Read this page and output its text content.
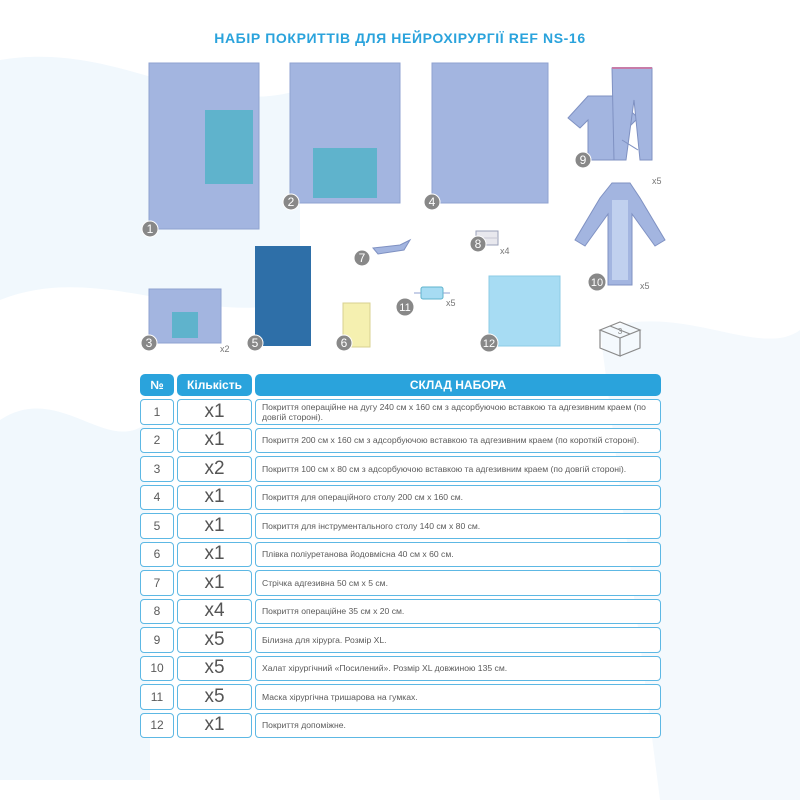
НАБІР ПОКРИТТІВ ДЛЯ НЕЙРОХІРУРГІЇ REF NS-16
3
1
2
3
4
5	6
7
8
9
10
11
12
x2
x4
x5
x5
x5
№	Кількість	СКЛАД НАБОРА
1	x1	Покриття операційне на дугу 240 см х 160 см з адсорбуючою вставкою та адгезивним краем (по довгій стороні).
2	x1	Покриття 200 см х 160 см з адсорбуючою вставкою та адгезивним краем (по короткій стороні).
3	x2	Покриття 100 см х 80 см з адсорбуючою вставкою та адгезивним краем (по довгій стороні).
4	x1	Покриття для операційного столу 200 см х 160 см.
5	x1	Покриття для інструментального столу 140 см х 80 см.
6	x1	Плівка поліуретанова йодовмісна 40 см х 60 см.
7	x1	Стрічка адгезивна 50 см х 5 см.
8	x4	Покриття операційне 35 см х 20 см.
9	x5	Білизна для хірурга. Розмір XL.
10	x5	Халат хірургічний «Посилений». Розмір XL довжиною 135 см.
11	x5	Маска хірургічна тришарова на гумках.
12	x1	Покриття допоміжне.
